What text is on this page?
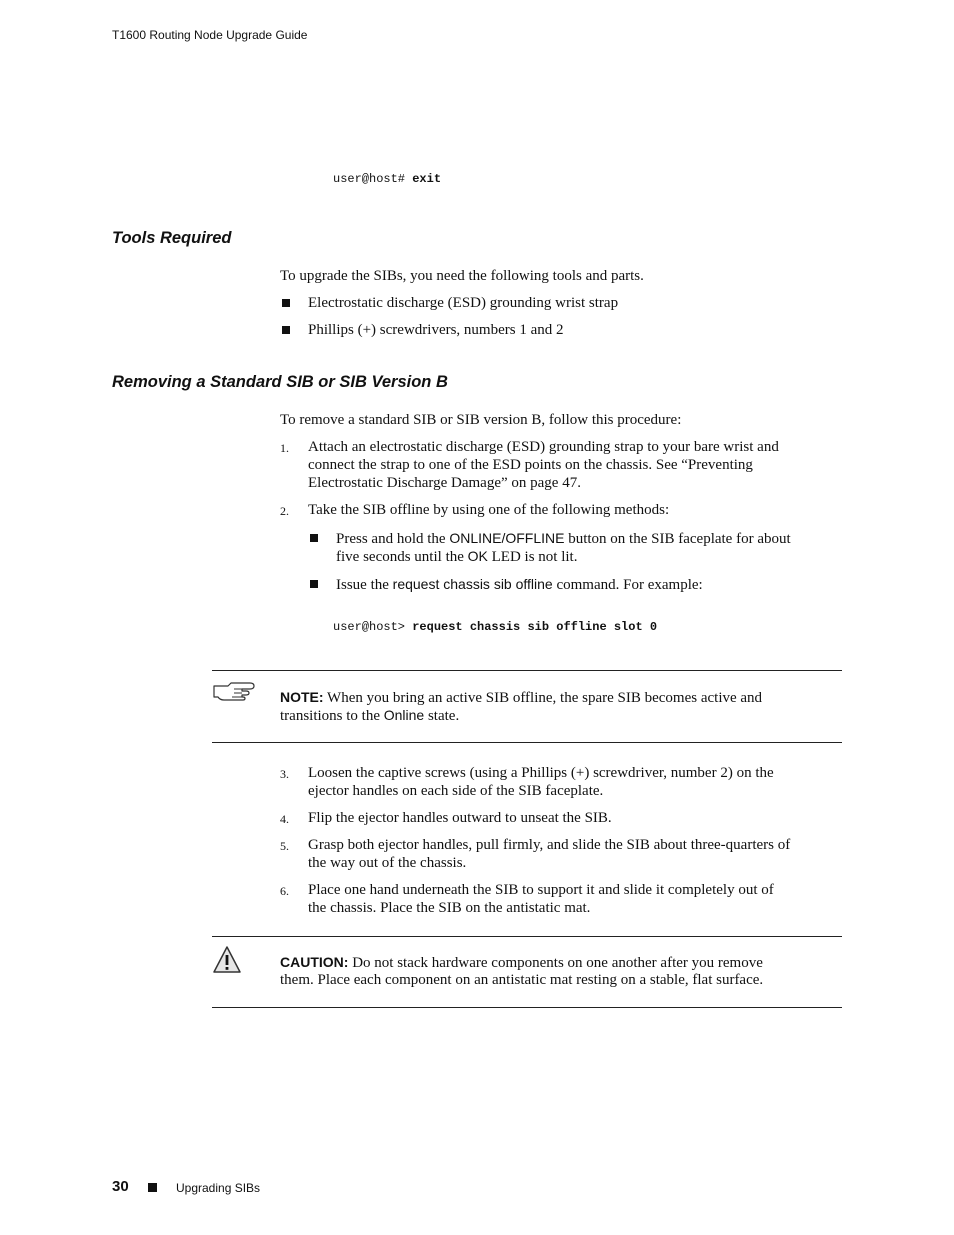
T1600 Routing Node Upgrade Guide
user@host# exit
Tools Required
To upgrade the SIBs, you need the following tools and parts.
Electrostatic discharge (ESD) grounding wrist strap
Phillips (+) screwdrivers, numbers 1 and 2
Removing a Standard SIB or SIB Version B
To remove a standard SIB or SIB version B, follow this procedure:
1. Attach an electrostatic discharge (ESD) grounding strap to your bare wrist and
connect the strap to one of the ESD points on the chassis. See “Preventing
Electrostatic Discharge Damage” on page 47.
2. Take the SIB offline by using one of the following methods:
Press and hold the ONLINE/OFFLINE button on the SIB faceplate for about
five seconds until the OK LED is not lit.
Issue the request chassis sib offline command. For example:
user@host> request chassis sib offline slot 0
NOTE: When you bring an active SIB offline, the spare SIB becomes active and
transitions to the Online state.
3. Loosen the captive screws (using a Phillips (+) screwdriver, number 2) on the
ejector handles on each side of the SIB faceplate.
4. Flip the ejector handles outward to unseat the SIB.
5. Grasp both ejector handles, pull firmly, and slide the SIB about three-quarters of
the way out of the chassis.
6. Place one hand underneath the SIB to support it and slide it completely out of
the chassis. Place the SIB on the antistatic mat.
CAUTION: Do not stack hardware components on one another after you remove
them. Place each component on an antistatic mat resting on a stable, flat surface.
30	Upgrading SIBs
